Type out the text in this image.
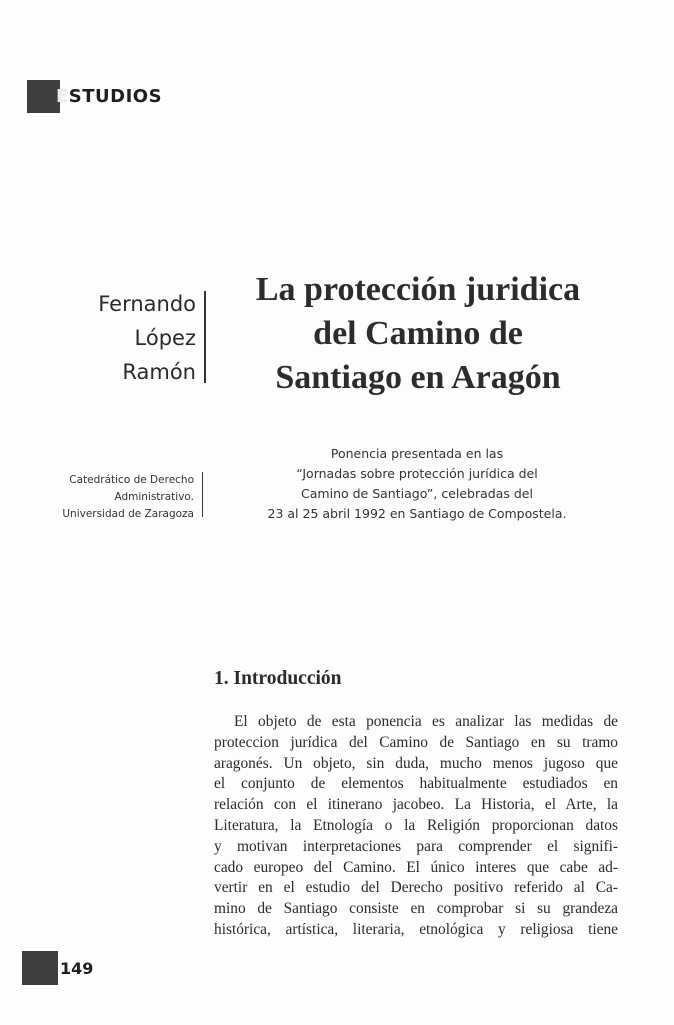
ESTUDIOS
Fernando
López
Ramón
La protección juridica
del Camino de
Santiago en Aragón
Catedrático de Derecho
Administrativo.
Universidad de Zaragoza
Ponencia presentada en las
“Jornadas sobre protección jurídica del
Camino de Santiago”, celebradas del
23 al 25 abril 1992 en Santiago de Compostela.
1. Introducción
El objeto de esta ponencia es analizar las medidas de
proteccion jurídica del Camino de Santiago en su tramo
aragonés. Un objeto, sin duda, mucho menos jugoso que
el conjunto de elementos habitualmente estudiados en
relación con el itinerano jacobeo. La Historia, el Arte, la
Literatura, la Etnología o la Religión proporcionan datos
y motivan interpretaciones para comprender el signifi-
cado europeo del Camino. El único interes que cabe ad-
vertir en el estudio del Derecho positivo referido al Ca-
mino de Santiago consiste en comprobar si su grandeza
histórica, artística, literaria, etnológica y religiosa tiene
149
